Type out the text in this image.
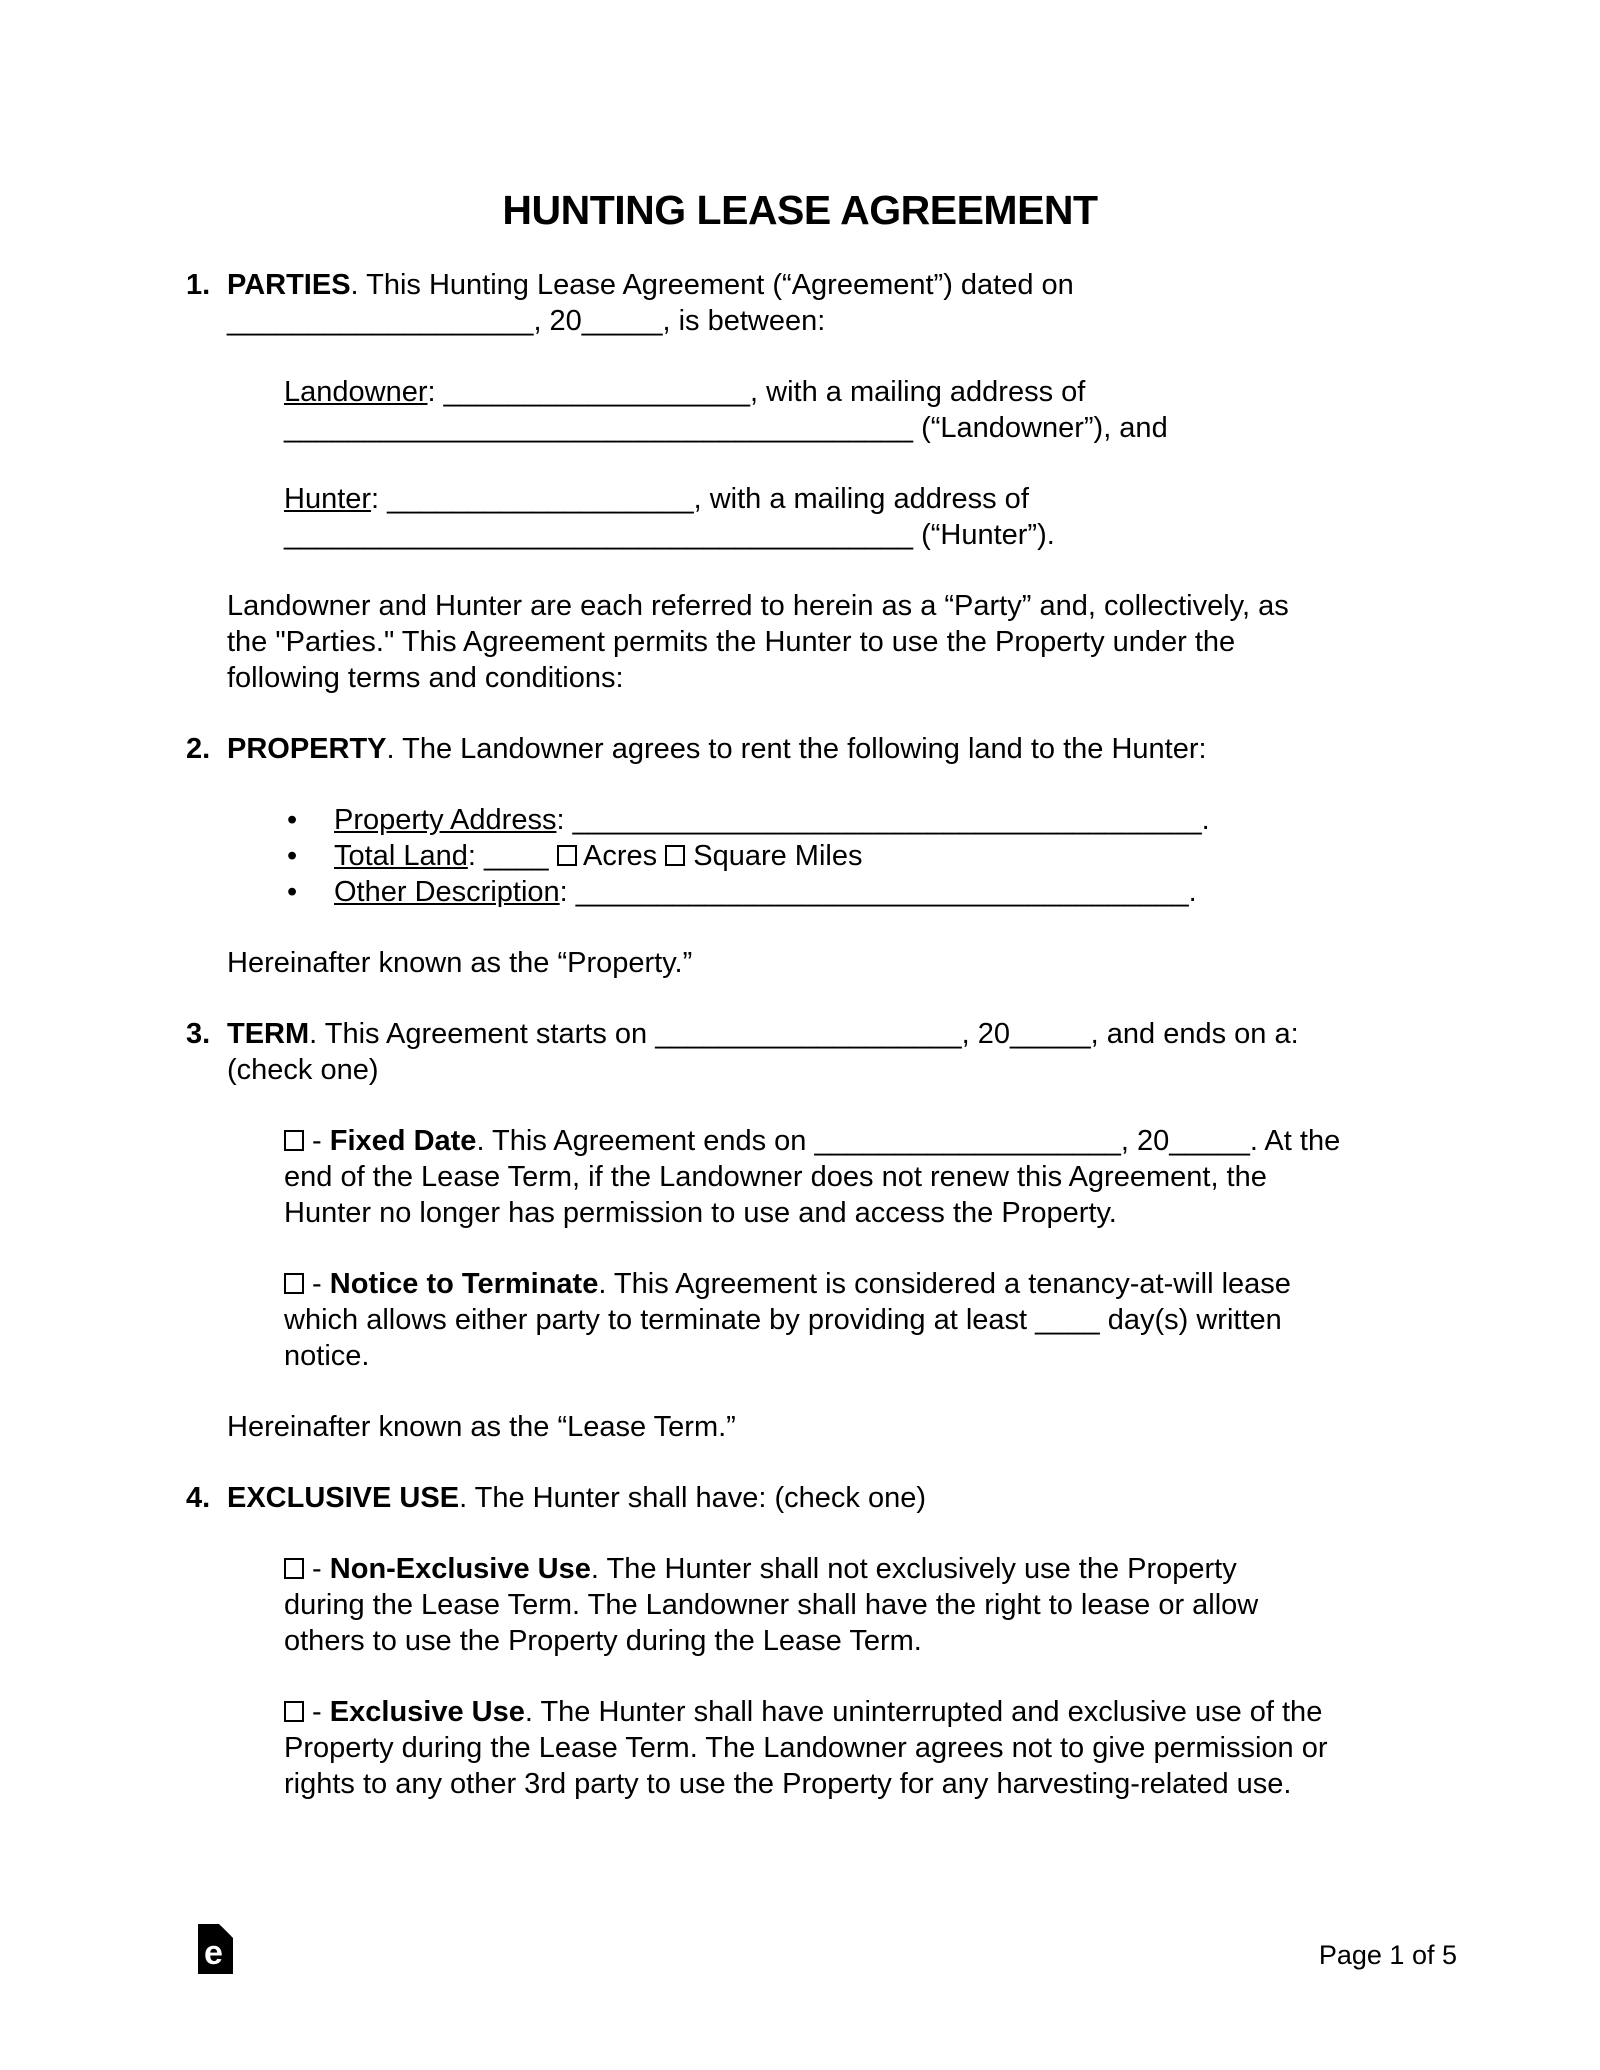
HUNTING LEASE AGREEMENT
1. PARTIES. This Hunting Lease Agreement (“Agreement”) dated on
___________________, 20_____, is between:
Landowner: ___________________, with a mailing address of
_______________________________________ (“Landowner”), and
Hunter: ___________________, with a mailing address of
_______________________________________ (“Hunter”).
Landowner and Hunter are each referred to herein as a “Party” and, collectively, as
the "Parties." This Agreement permits the Hunter to use the Property under the
following terms and conditions:
2. PROPERTY. The Landowner agrees to rent the following land to the Hunter:
• Property Address: _______________________________________.
• Total Land: ____  Acres  Square Miles
• Other Description: ______________________________________.
Hereinafter known as the “Property.”
3. TERM. This Agreement starts on ___________________, 20_____, and ends on a:
(check one)
- Fixed Date. This Agreement ends on ___________________, 20_____. At the
end of the Lease Term, if the Landowner does not renew this Agreement, the
Hunter no longer has permission to use and access the Property.
- Notice to Terminate. This Agreement is considered a tenancy-at-will lease
which allows either party to terminate by providing at least ____ day(s) written
notice.
Hereinafter known as the “Lease Term.”
4. EXCLUSIVE USE. The Hunter shall have: (check one)
- Non-Exclusive Use. The Hunter shall not exclusively use the Property
during the Lease Term. The Landowner shall have the right to lease or allow
others to use the Property during the Lease Term.
- Exclusive Use. The Hunter shall have uninterrupted and exclusive use of the
Property during the Lease Term. The Landowner agrees not to give permission or
rights to any other 3rd party to use the Property for any harvesting-related use.
e	Page 1 of 5
